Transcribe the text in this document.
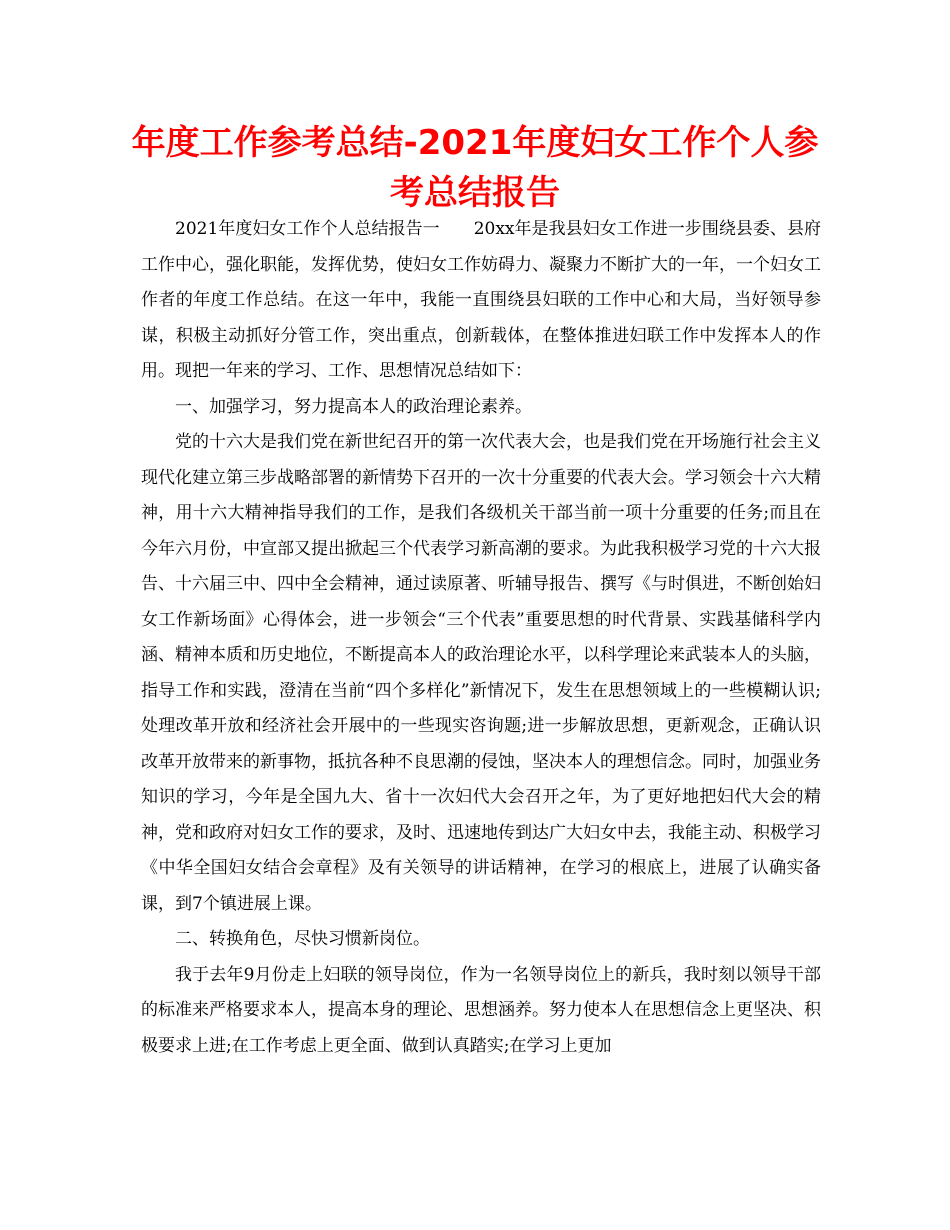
年度工作参考总结-2021年度妇女工作个人参考总结报告

2021年度妇女工作个人总结报告一　　20xx年是我县妇女工作进一步围绕县委、县府工作中心，强化职能，发挥优势，使妇女工作妨碍力、凝聚力不断扩大的一年，一个妇女工作者的年度工作总结。在这一年中，我能一直围绕县妇联的工作中心和大局，当好领导参谋，积极主动抓好分管工作，突出重点，创新载体，在整体推进妇联工作中发挥本人的作用。现把一年来的学习、工作、思想情况总结如下：

一、加强学习，努力提高本人的政治理论素养。

党的十六大是我们党在新世纪召开的第一次代表大会，也是我们党在开场施行社会主义现代化建立第三步战略部署的新情势下召开的一次十分重要的代表大会。学习领会十六大精神，用十六大精神指导我们的工作，是我们各级机关干部当前一项十分重要的任务;而且在今年六月份，中宣部又提出掀起三个代表学习新高潮的要求。为此我积极学习党的十六大报告、十六届三中、四中全会精神，通过读原著、听辅导报告、撰写《与时俱进，不断创始妇女工作新场面》心得体会，进一步领会“三个代表”重要思想的时代背景、实践基储科学内涵、精神本质和历史地位，不断提高本人的政治理论水平，以科学理论来武装本人的头脑，指导工作和实践，澄清在当前“四个多样化”新情况下，发生在思想领域上的一些模糊认识;处理改革开放和经济社会开展中的一些现实咨询题;进一步解放思想，更新观念，正确认识改革开放带来的新事物，抵抗各种不良思潮的侵蚀，坚决本人的理想信念。同时，加强业务知识的学习，今年是全国九大、省十一次妇代大会召开之年，为了更好地把妇代大会的精神，党和政府对妇女工作的要求，及时、迅速地传到达广大妇女中去，我能主动、积极学习《中华全国妇女结合会章程》及有关领导的讲话精神，在学习的根底上，进展了认确实备课，到7个镇进展上课。

二、转换角色，尽快习惯新岗位。

我于去年9月份走上妇联的领导岗位，作为一名领导岗位上的新兵，我时刻以领导干部的标准来严格要求本人，提高本身的理论、思想涵养。努力使本人在思想信念上更坚决、积极要求上进;在工作考虑上更全面、做到认真踏实;在学习上更加
